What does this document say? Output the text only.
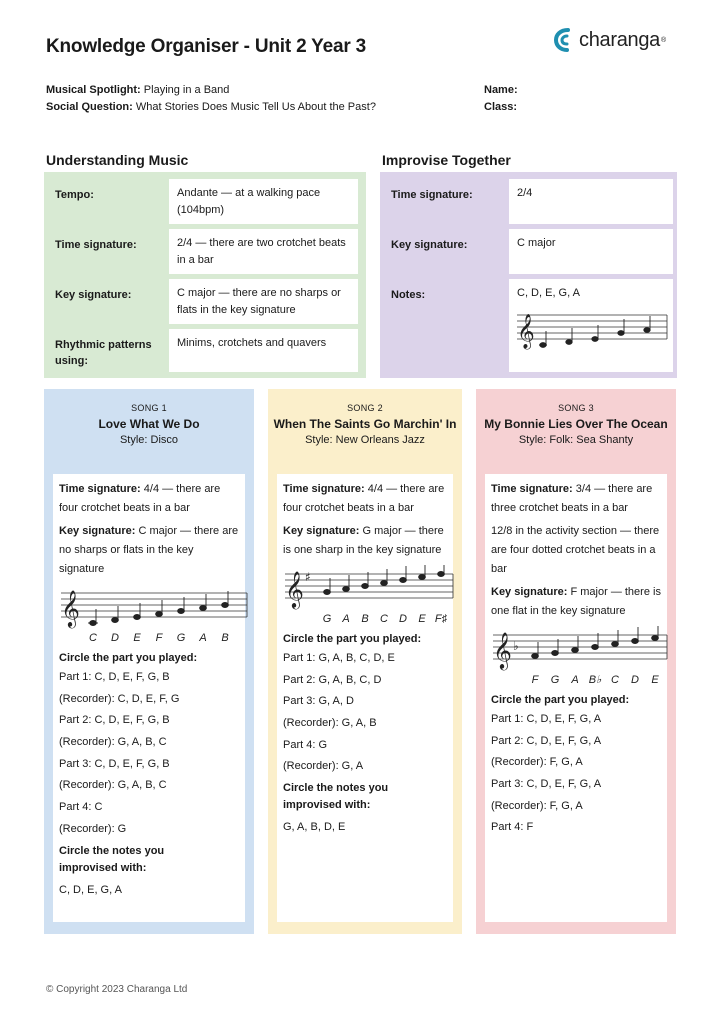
Knowledge Organiser - Unit 2 Year 3	charanga ®
Musical Spotlight: Playing in a Band
Social Question: What Stories Does Music Tell Us About the Past?
Name:
Class:
Understanding Music
Tempo:	Andante — at a walking pace (104bpm)
Time signature:	2/4 — there are two crotchet beats in a bar
Key signature:	C major — there are no sharps or flats in the key signature
Rhythmic patterns using:
Minims, crotchets and quavers
Improvise Together
Time signature:	2/4
Key signature:	C major
Notes:	C, D, E, G, A
𝄞
SONG 1
Love What We Do
Style: Disco

Time signature: 4/4 — there are four crotchet beats in a bar

Key signature: C major — there are no sharps or flats in the key signature

𝄞
C D E F G A B
Circle the part you played:
Part 1: C, D, E, F, G, B
(Recorder): C, D, E, F, G
Part 2: C, D, E, F, G, B
(Recorder): G, A, B, C
Part 3: C, D, E, F, G, B
(Recorder): G, A, B, C
Part 4: C
(Recorder): G
Circle the notes you improvised with:
C, D, E, G, A
SONG 2
When The Saints Go Marchin' In
Style: New Orleans Jazz

Time signature: 4/4 — there are four crotchet beats in a bar

Key signature: G major — there is one sharp in the key signature

𝄞 ♯
G A B C D E F♯
Circle the part you played:
Part 1: G, A, B, C, D, E
Part 2: G, A, B, C, D
Part 3: G, A, D
(Recorder): G, A, B
Part 4: G
(Recorder): G, A
Circle the notes you improvised with:
G, A, B, D, E
SONG 3
My Bonnie Lies Over The Ocean
Style: Folk: Sea Shanty

Time signature: 3/4 — there are three crotchet beats in a bar

12/8 in the activity section — there are four dotted crotchet beats in a bar

Key signature: F major — there is one flat in the key signature

𝄞 ♭
F G A B♭ C D E
Circle the part you played:
Part 1: C, D, E, F, G, A
Part 2: C, D, E, F, G, A
(Recorder): F, G, A
Part 3: C, D, E, F, G, A
(Recorder): F, G, A
Part 4: F
© Copyright 2023 Charanga Ltd
